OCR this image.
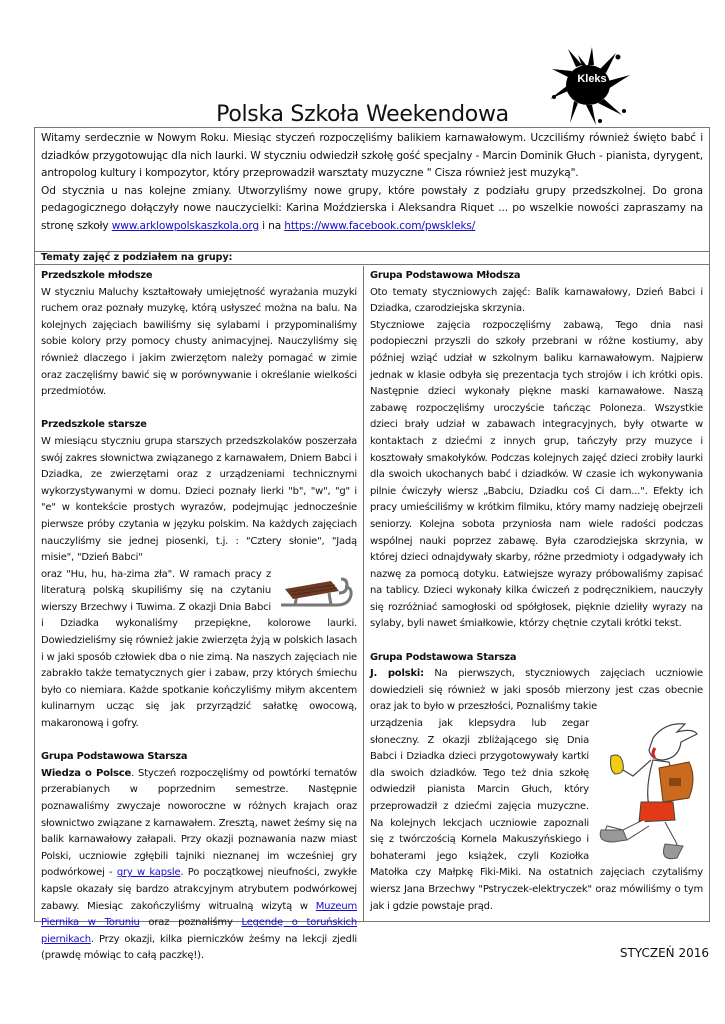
Kleks
Polska Szkoła Weekendowa

Witamy serdecznie w Nowym Roku. Miesiąc styczeń rozpoczęliśmy balikiem karnawałowym. Uczciliśmy również święto babć i dziadków przygotowując dla nich laurki. W styczniu odwiedził szkołę gość specjalny - Marcin Dominik Głuch - pianista, dyrygent, antropolog kultury i kompozytor, który przeprowadził warsztaty muzyczne " Cisza również jest muzyką".

Od stycznia u nas kolejne zmiany. Utworzyliśmy nowe grupy, które powstały z podziału grupy przedszkolnej. Do grona pedagogicznego dołączyły nowe nauczycielki: Karina Moździerska i Aleksandra Riquet ... po wszelkie nowości zapraszamy na stronę szkoły www.arklowpolskaszkola.org i na https://www.facebook.com/pwskleks/

Tematy zajęć z podziałem na grupy:

Przedszkole młodsze

W styczniu Maluchy kształtowały umiejętność wyrażania muzyki ruchem oraz poznały muzykę, którą usłyszeć można na balu. Na kolejnych zajęciach bawiliśmy się sylabami i przypominaliśmy sobie kolory przy pomocy chusty animacyjnej. Nauczyliśmy się również dlaczego i jakim zwierzętom należy pomagać w zimie oraz zaczęliśmy bawić się w porównywanie i określanie wielkości przedmiotów.

Przedszkole starsze

W miesiącu styczniu grupa starszych przedszkolaków poszerzała swój zakres słownictwa związanego z karnawałem, Dniem Babci i Dziadka, ze zwierzętami oraz z urządzeniami technicznymi wykorzystywanymi w domu. Dzieci poznały lierki "b", "w", "g" i "e" w kontekście prostych wyrazów, podejmując jednocześnie pierwsze próby czytania w języku polskim. Na każdych zajęciach nauczyliśmy sie jednej piosenki, t.j. : "Cztery słonie", "Jadą misie", "Dzień Babci"

oraz "Hu, hu, ha-zima zła". W ramach pracy z literaturą polską skupiliśmy się na czytaniu wierszy Brzechwy i Tuwima. Z okazji Dnia Babci i Dziadka wykonaliśmy przepiękne, kolorowe laurki. Dowiedzieliśmy się również jakie zwierzęta żyją w polskich lasach i w jaki sposób człowiek dba o nie zimą. Na naszych zajęciach nie zabrakło także tematycznych gier i zabaw, przy których śmiechu było co niemiara. Każde spotkanie kończyliśmy miłym akcentem kulinarnym ucząc się jak przyrządzić sałatkę owocową, makaronową i gofry.

Grupa Podstawowa Starsza

Wiedza o Polsce. Styczeń rozpoczęliśmy od powtórki tematów przerabianych w poprzednim semestrze. Następnie poznawaliśmy zwyczaje noworoczne w różnych krajach oraz słownictwo związane z karnawałem. Zresztą, nawet żeśmy się na balik karnawałowy załapali. Przy okazji poznawania nazw miast Polski, uczniowie zgłębili tajniki nieznanej im wcześniej gry podwórkowej - gry w kapsle. Po początkowej nieufności, zwykłe kapsle okazały się bardzo atrakcyjnym atrybutem podwórkowej zabawy. Miesiąc zakończyliśmy witrualną wizytą w Muzeum Piernika w Toruniu oraz poznaliśmy Legendę o toruńskich piernikach. Przy okazji, kilka pierniczków żeśmy na lekcji zjedli (prawdę mówiąc to całą paczkę!).

Grupa Podstawowa Młodsza

Oto tematy styczniowych zajęć: Balik karnawałowy, Dzień Babci i Dziadka, czarodziejska skrzynia.

Styczniowe zajęcia rozpoczęliśmy zabawą, Tego dnia nasi podopieczni przyszli do szkoły przebrani w różne kostiumy, aby później wziąć udział w szkolnym baliku karnawałowym. Najpierw jednak w klasie odbyła się prezentacja tych strojów i ich krótki opis. Następnie dzieci wykonały piękne maski karnawałowe. Naszą zabawę rozpoczęliśmy uroczyście tańcząc Poloneza. Wszystkie dzieci brały udział w zabawach integracyjnych, były otwarte w kontaktach z dziećmi z innych grup, tańczyły przy muzyce i kosztowały smakołyków. Podczas kolejnych zajęć dzieci zrobiły laurki dla swoich ukochanych babć i dziadków. W czasie ich wykonywania pilnie ćwiczyły wiersz „Babciu, Dziadku coś Ci dam...". Efekty ich pracy umieściliśmy w krótkim filmiku, który mamy nadzieję obejrzeli seniorzy. Kolejna sobota przyniosła nam wiele radości podczas wspólnej nauki poprzez zabawę. Była czarodziejska skrzynia, w której dzieci odnajdywały skarby, różne przedmioty i odgadywały ich nazwę za pomocą dotyku. Łatwiejsze wyrazy próbowaliśmy zapisać na tablicy. Dzieci wykonały kilka ćwiczeń z podręcznikiem, nauczyły się rozróżniać samogłoski od spółgłosek, pięknie dzieliły wyrazy na sylaby, byli nawet śmiałkowie, którzy chętnie czytali krótki tekst.

Grupa Podstawowa Starsza

J. polski: Na pierwszych, styczniowych zajęciach uczniowie dowiedzieli się również w jaki sposób mierzony jest czas obecnie oraz jak to było w przeszłości, Poznaliśmy takie

urządzenia jak klepsydra lub zegar słoneczny. Z okazji zbliżającego się Dnia Babci i Dziadka dzieci przygotowywały kartki dla swoich dziadków. Tego też dnia szkołę odwiedził pianista Marcin Głuch, który przeprowadził z dziećmi zajęcia muzyczne. Na kolejnych lekcjach uczniowie zapoznali się z twórczością Kornela Makuszyńskiego i bohaterami jego książek, czyli Koziołka Matołka czy Małpkę Fiki-Miki. Na ostatnich zajęciach czytaliśmy wiersz Jana Brzechwy "Pstryczek-elektryczek" oraz mówiliśmy o tym jak i gdzie powstaje prąd.

STYCZEŃ 2016
